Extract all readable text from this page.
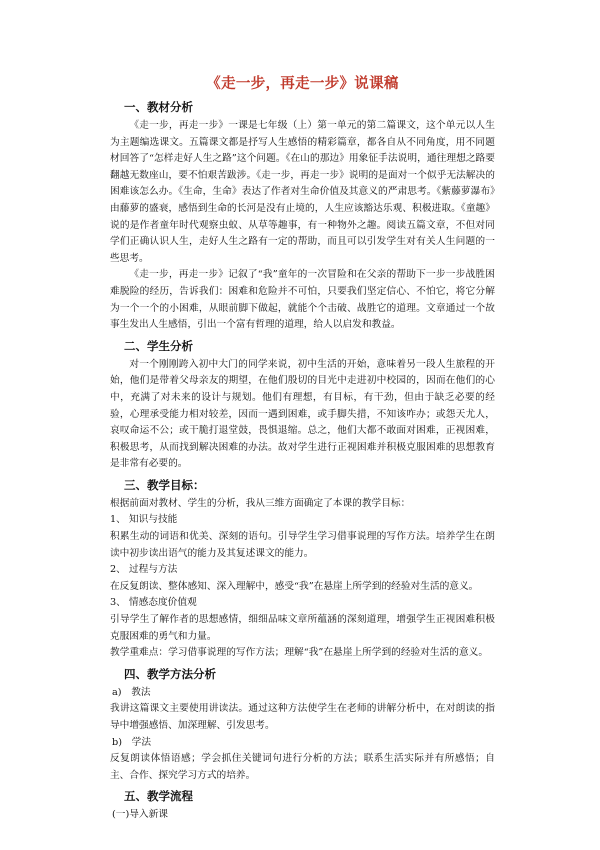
《走一步，再走一步》说课稿
一、教材分析

《走一步，再走一步》一课是七年级（上）第一单元的第二篇课文，这个单元以人生为主题编选课文。五篇课文都是抒写人生感悟的精彩篇章，都各自从不同角度，用不同题材回答了“怎样走好人生之路”这个问题。《在山的那边》用象征手法说明，通往理想之路要翻越无数座山，要不怕艰苦跋涉。《走一步，再走一步》说明的是面对一个似乎无法解决的困难该怎么办。《生命，生命》表达了作者对生命价值及其意义的严肃思考。《紫藤萝瀑布》由藤萝的盛衰，感悟到生命的长河是没有止境的，人生应该豁达乐观、积极进取。《童趣》说的是作者童年时代观察虫蚁、从草等趣事，有一种物外之趣。阅读五篇文章，不但对同学们正确认识人生，走好人生之路有一定的帮助，而且可以引发学生对有关人生问题的一些思考。

《走一步，再走一步》记叙了“我”童年的一次冒险和在父亲的帮助下一步一步战胜困难脱险的经历，告诉我们：困难和危险并不可怕，只要我们坚定信心、不怕它，将它分解为一个一个的小困难，从眼前脚下做起，就能个个击破、战胜它的道理。文章通过一个故事生发出人生感悟，引出一个富有哲理的道理，给人以启发和教益。

二、学生分析

对一个刚刚跨入初中大门的同学来说，初中生活的开始，意味着另一段人生旅程的开始，他们是带着父母亲友的期望，在他们殷切的目光中走进初中校园的，因而在他们的心中，充满了对未来的设计与规划。他们有理想，有目标，有干劲，但由于缺乏必要的经验，心理承受能力相对较差，因而一遇到困难，或手脚失措，不知该咋办；或怨天尤人，哀叹命运不公；或干脆打退堂鼓，畏惧退缩。总之，他们大都不敢面对困难，正视困难，积极思考，从而找到解决困难的办法。故对学生进行正视困难并积极克服困难的思想教育是非常有必要的。

三、教学目标：

根据前面对教材、学生的分析，我从三维方面确定了本课的教学目标：

1、 知识与技能

积累生动的词语和优美、深刻的语句。引导学生学习借事说理的写作方法。培养学生在朗读中初步读出语气的能力及其复述课文的能力。

2、 过程与方法

在反复朗读、整体感知、深入理解中，感受“我”在悬崖上所学到的经验对生活的意义。

3、 情感态度价值观

引导学生了解作者的思想感情，细细品味文章所蕴涵的深刻道理，增强学生正视困难积极克服困难的勇气和力量。

教学重难点：学习借事说理的写作方法；理解“我”在悬崖上所学到的经验对生活的意义。

四、教学方法分析
a)　教法

我讲这篇课文主要使用讲读法。通过这种方法使学生在老师的讲解分析中，在对朗读的指导中增强感悟、加深理解、引发思考。

b)　学法

反复朗读体悟语感；学会抓住关键词句进行分析的方法；联系生活实际并有所感悟；自主、合作、探究学习方式的培养。

五、教学流程
(一)导入新课
